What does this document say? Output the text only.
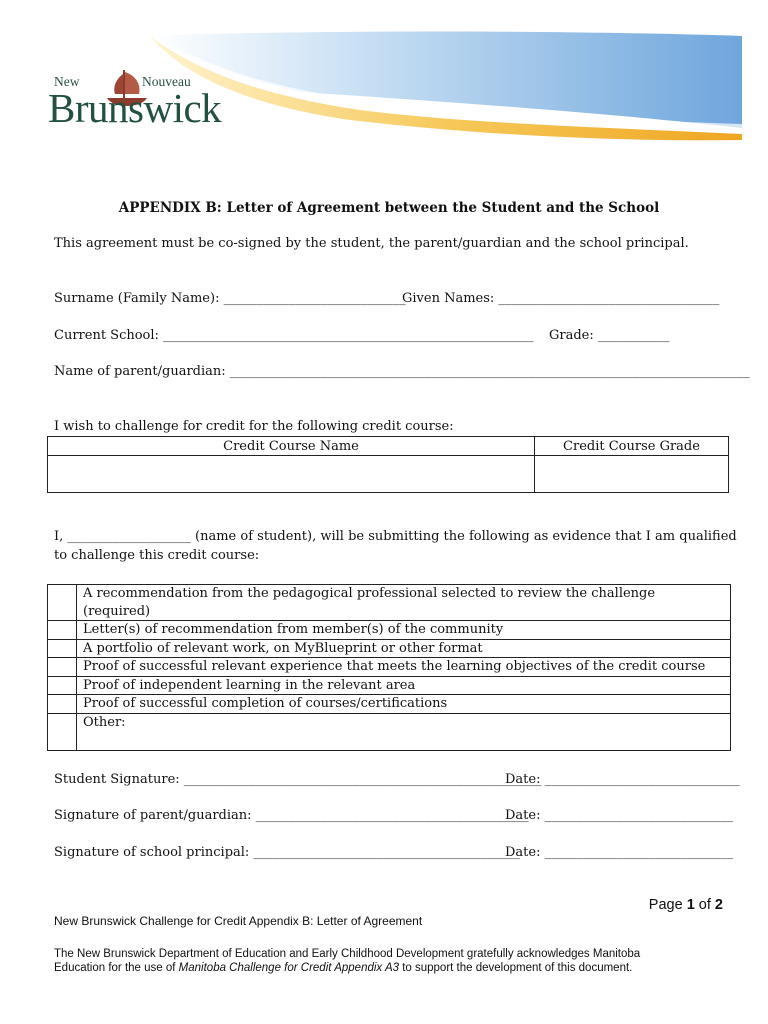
New	Nouveau
Brunswick
APPENDIX B: Letter of Agreement between the Student and the School
This agreement must be co-signed by the student, the parent/guardian and the school principal.
Surname (Family Name): ____________________________
Given Names: __________________________________
Current School: _________________________________________________________ Grade: ___________
Name of parent/guardian: ________________________________________________________________________________
I wish to challenge for credit for the following credit course:
Credit Course Name	Credit Course Grade

I, ___________________ (name of student), will be submitting the following as evidence that I am qualified
to challenge this credit course:
	A recommendation from the pedagogical professional selected to review the challenge (required)
	Letter(s) of recommendation from member(s) of the community
	A portfolio of relevant work, on MyBlueprint or other format
	Proof of successful relevant experience that meets the learning objectives of the credit course
	Proof of independent learning in the relevant area
	Proof of successful completion of courses/certifications
	Other:
Student Signature: _______________________________________________________
Date: ______________________________
Signature of parent/guardian: __________________________________________
Date: _____________________________
Signature of school principal: _________________________________________
Date: _____________________________
Page 1 of 2
New Brunswick Challenge for Credit Appendix B: Letter of Agreement
The New Brunswick Department of Education and Early Childhood Development gratefully acknowledges Manitoba
Education for the use of Manitoba Challenge for Credit Appendix A3 to support the development of this document.
